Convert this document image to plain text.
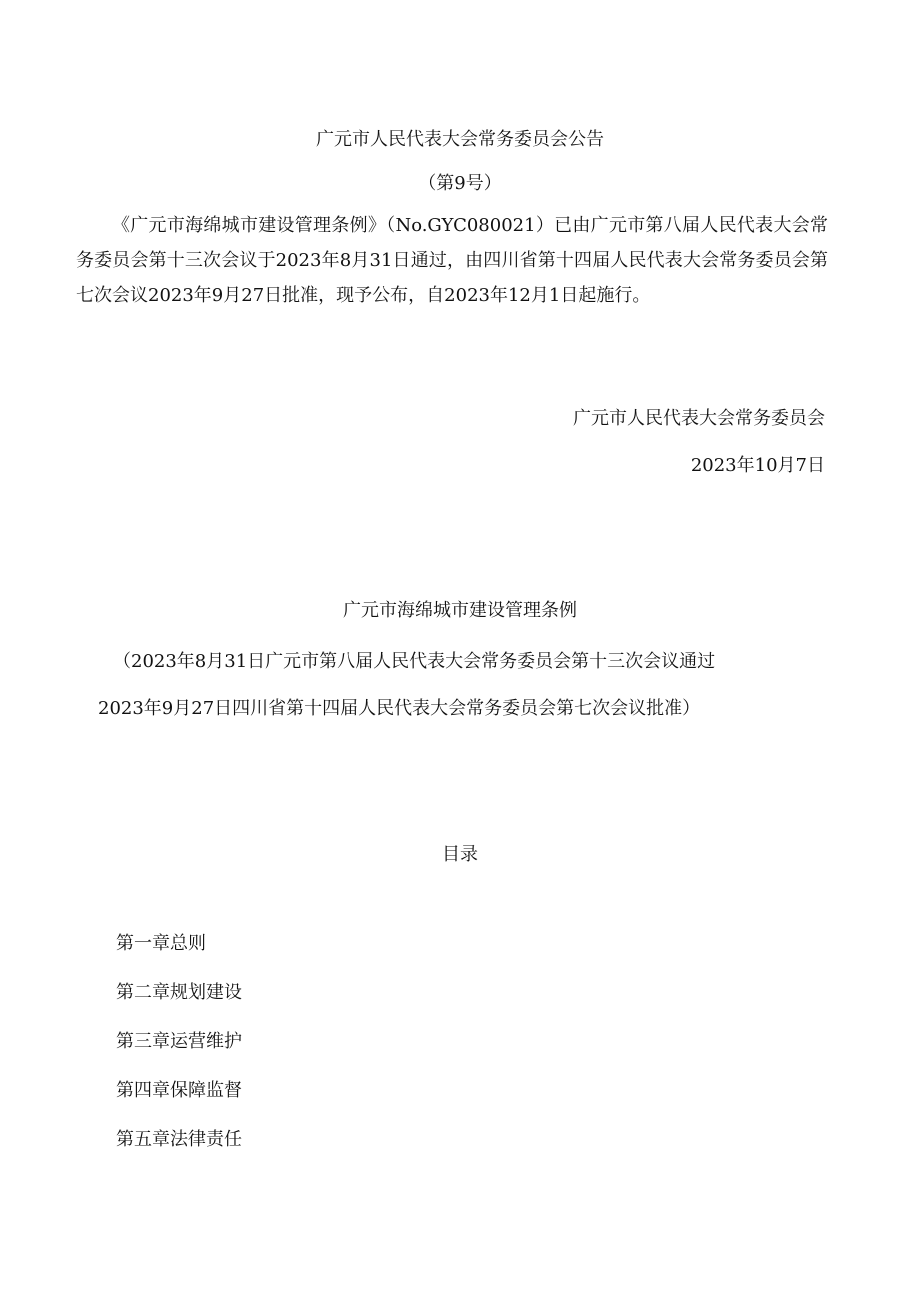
广元市人民代表大会常务委员会公告
（第9号）

《广元市海绵城市建设管理条例》（No.GYC080021）已由广元市第八届人民代表大会常务委员会第十三次会议于2023年8月31日通过，由四川省第十四届人民代表大会常务委员会第七次会议2023年9月27日批准，现予公布，自2023年12月1日起施行。

广元市人民代表大会常务委员会
2023年10月7日
广元市海绵城市建设管理条例
（2023年8月31日广元市第八届人民代表大会常务委员会第十三次会议通过
2023年9月27日四川省第十四届人民代表大会常务委员会第七次会议批准）
目录
第一章总则
第二章规划建设
第三章运营维护
第四章保障监督
第五章法律责任
